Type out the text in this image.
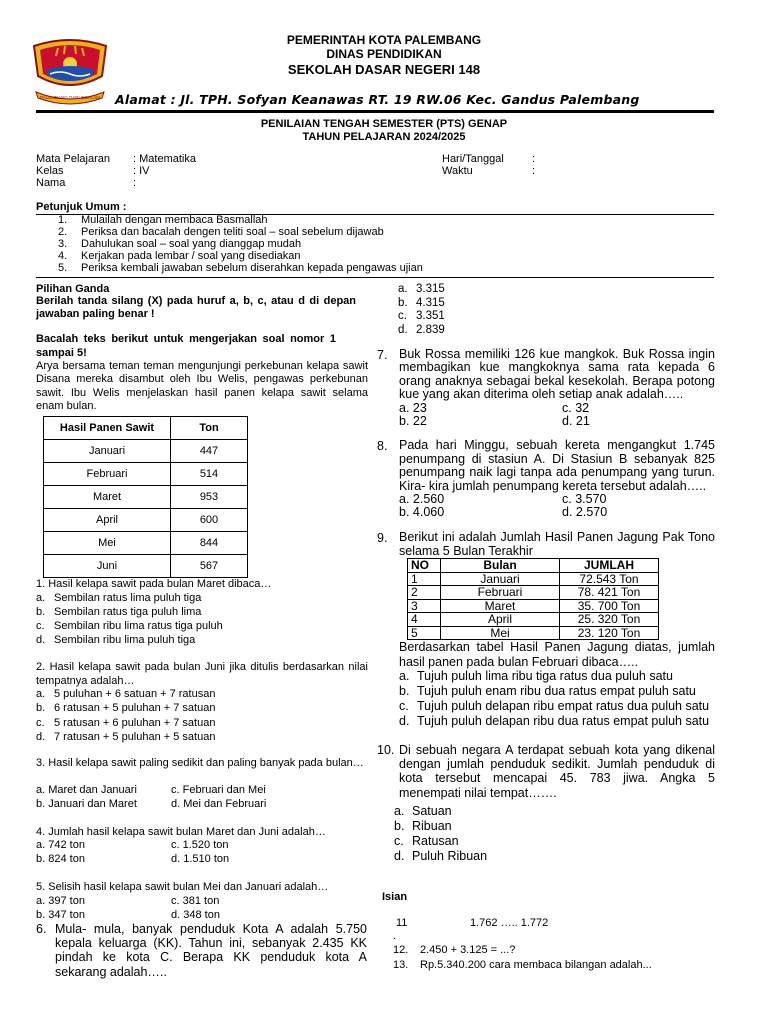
PALEMBANG DARUSSALAM
PEMERINTAH KOTA PALEMBANG
DINAS PENDIDIKAN
SEKOLAH DASAR NEGERI 148
Alamat : Jl. TPH. Sofyan Keanawas RT. 19 RW.06 Kec. Gandus Palembang
PENILAIAN TENGAH SEMESTER (PTS) GENAP
TAHUN PELAJARAN 2024/2025
Mata Pelajaran : Matematika
Kelas	: IV
Nama	:
Hari/Tanggal	:
Waktu	:
Petunjuk Umum :
1. Mulailah dengan membaca Basmallah
2. Periksa dan bacalah dengen teliti soal – soal sebelum dijawab
3. Dahulukan soal – soal yang dianggap mudah
4. Kerjakan pada lembar / soal yang disediakan
5. Periksa kembali jawaban sebelum diserahkan kepada pengawas ujian
Pilihan Ganda
Berilah tanda silang (X) pada huruf a, b, c, atau d di depan jawaban paling benar !
Bacalah teks berikut untuk mengerjakan soal nomor 1 sampai 5!
Arya bersama teman teman mengunjungi perkebunan kelapa sawit Disana mereka disambut oleh Ibu Welis, pengawas perkebunan sawit. Ibu Welis menjelaskan hasil panen kelapa sawit selama enam bulan.
Hasil Panen Sawit	Ton
Januari	447
Februari	514
Maret	953
April	600
Mei	844
Juni	567
1. Hasil kelapa sawit pada bulan Maret dibaca…
a. Sembilan ratus lima puluh tiga
b. Sembilan ratus tiga puluh lima
c. Sembilan ribu lima ratus tiga puluh
d. Sembilan ribu lima puluh tiga
2. Hasil kelapa sawit pada bulan Juni jika ditulis berdasarkan nilai tempatnya adalah…
a. 5 puluhan + 6 satuan + 7 ratusan
b. 6 ratusan + 5 puluhan + 7 satuan
c. 5 ratusan + 6 puluhan + 7 satuan
d. 7 ratusan + 5 puluhan + 5 satuan
3. Hasil kelapa sawit paling sedikit dan paling banyak pada bulan…
a. Maret dan Januari	c. Februari dan Mei
b. Januari dan Maret	d. Mei dan Februari
4. Jumlah hasil kelapa sawit bulan Maret dan Juni adalah…
a. 742 ton	c. 1.520 ton
b. 824 ton	d. 1.510 ton
5. Selisih hasil kelapa sawit bulan Mei dan Januari adalah…
a. 397 ton	c. 381 ton
b. 347 ton	d. 348 ton
6. Mula- mula, banyak penduduk Kota A adalah 5.750 kepala keluarga (KK). Tahun ini, sebanyak 2.435 KK pindah ke kota C. Berapa KK penduduk kota A sekarang adalah…..
a. 3.315
b. 4.315
c. 3.351
d. 2.839
7. Buk Rossa memiliki 126 kue mangkok. Buk Rossa ingin membagikan kue mangkoknya sama rata kepada 6 orang anaknya sebagai bekal kesekolah. Berapa potong kue yang akan diterima oleh setiap anak adalah…..
a. 23	c. 32
b. 22	d. 21
8. Pada hari Minggu, sebuah kereta mengangkut 1.745 penumpang di stasiun A. Di Stasiun B sebanyak 825 penumpang naik lagi tanpa ada penumpang yang turun. Kira- kira jumlah penumpang kereta tersebut adalah…..
a. 2.560	c. 3.570
b. 4.060	d. 2.570
9. Berikut ini adalah Jumlah Hasil Panen Jagung Pak Tono selama 5 Bulan Terakhir
NO	Bulan	JUMLAH
1	Januari	72.543 Ton
2	Februari	78. 421 Ton
3	Maret	35. 700 Ton
4	April	25. 320 Ton
5	Mei	23. 120 Ton
Berdasarkan tabel Hasil Panen Jagung diatas, jumlah hasil panen pada bulan Februari dibaca…..
a. Tujuh puluh lima ribu tiga ratus dua puluh satu
b. Tujuh puluh enam ribu dua ratus empat puluh satu
c. Tujuh puluh delapan ribu empat ratus dua puluh satu
d. Tujuh puluh delapan ribu dua ratus empat puluh satu
10. Di sebuah negara A terdapat sebuah kota yang dikenal dengan jumlah penduduk sedikit. Jumlah penduduk di kota tersebut mencapai 45. 783 jiwa. Angka 5 menempati nilai tempat…….
a. Satuan
b. Ribuan
c. Ratusan
d. Puluh Ribuan
Isian
11	1.762 ….. 1.772
.
12. 2.450 + 3.125 = ...?
13. Rp.5.340.200 cara membaca bilangan adalah...
